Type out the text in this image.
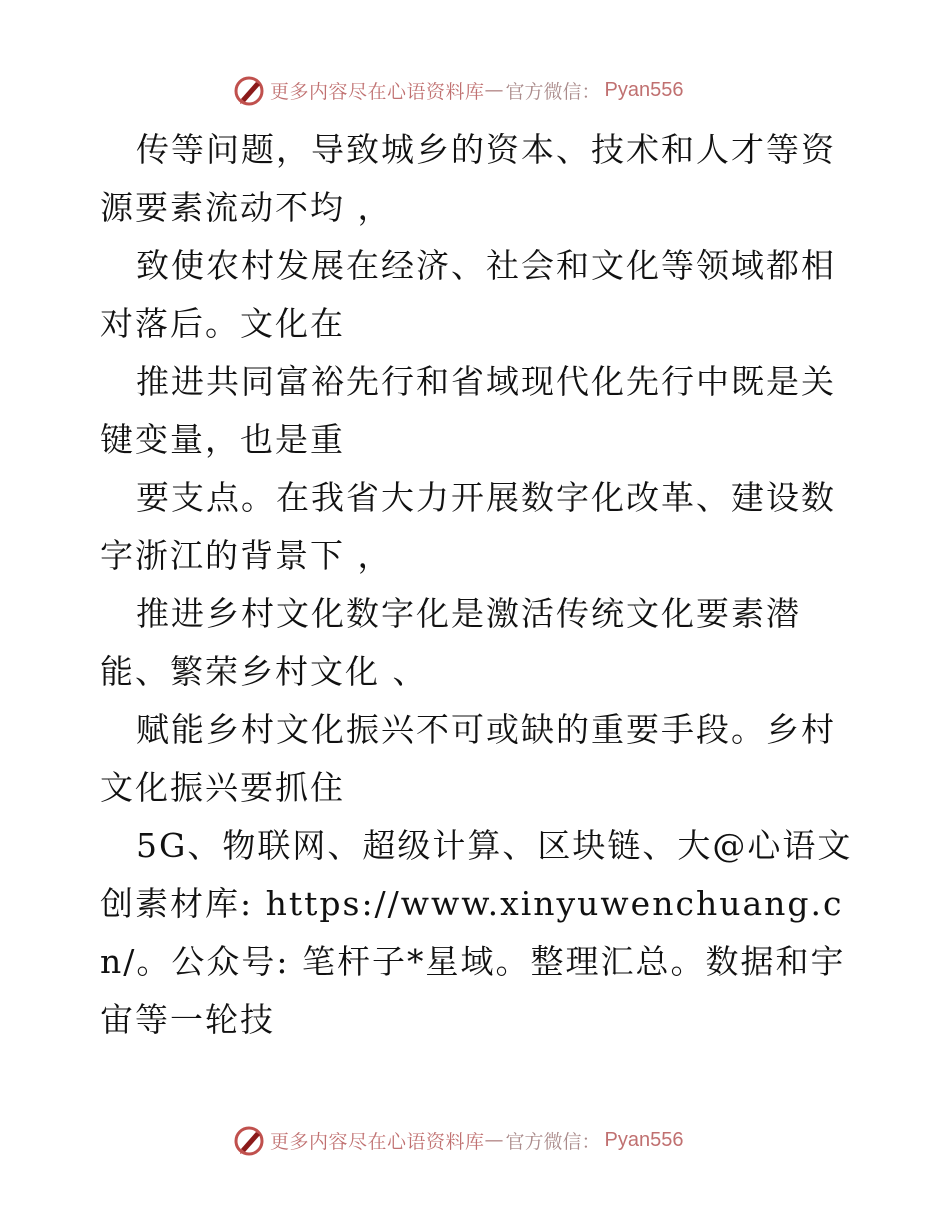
更多内容尽在心语资料库 — 官方微信： Pyan556

传等问题，导致城乡的资本、技术和人才等资源要素流动不均 ，

致使农村发展在经济、社会和文化等领域都相对落后。文化在

推进共同富裕先行和省域现代化先行中既是关键变量，也是重

要支点。在我省大力开展数字化改革、建设数字浙江的背景下 ，

推进乡村文化数字化是激活传统文化要素潜能、繁荣乡村文化 、

赋能乡村文化振兴不可或缺的重要手段。乡村文化振兴要抓住

5G、物联网、超级计算、区块链、大@心语文创素材库: https://www.xinyuwenchuang.cn/。公众号: 笔杆子*星域。整理汇总。数据和宇宙等一轮技

更多内容尽在心语资料库 — 官方微信： Pyan556
